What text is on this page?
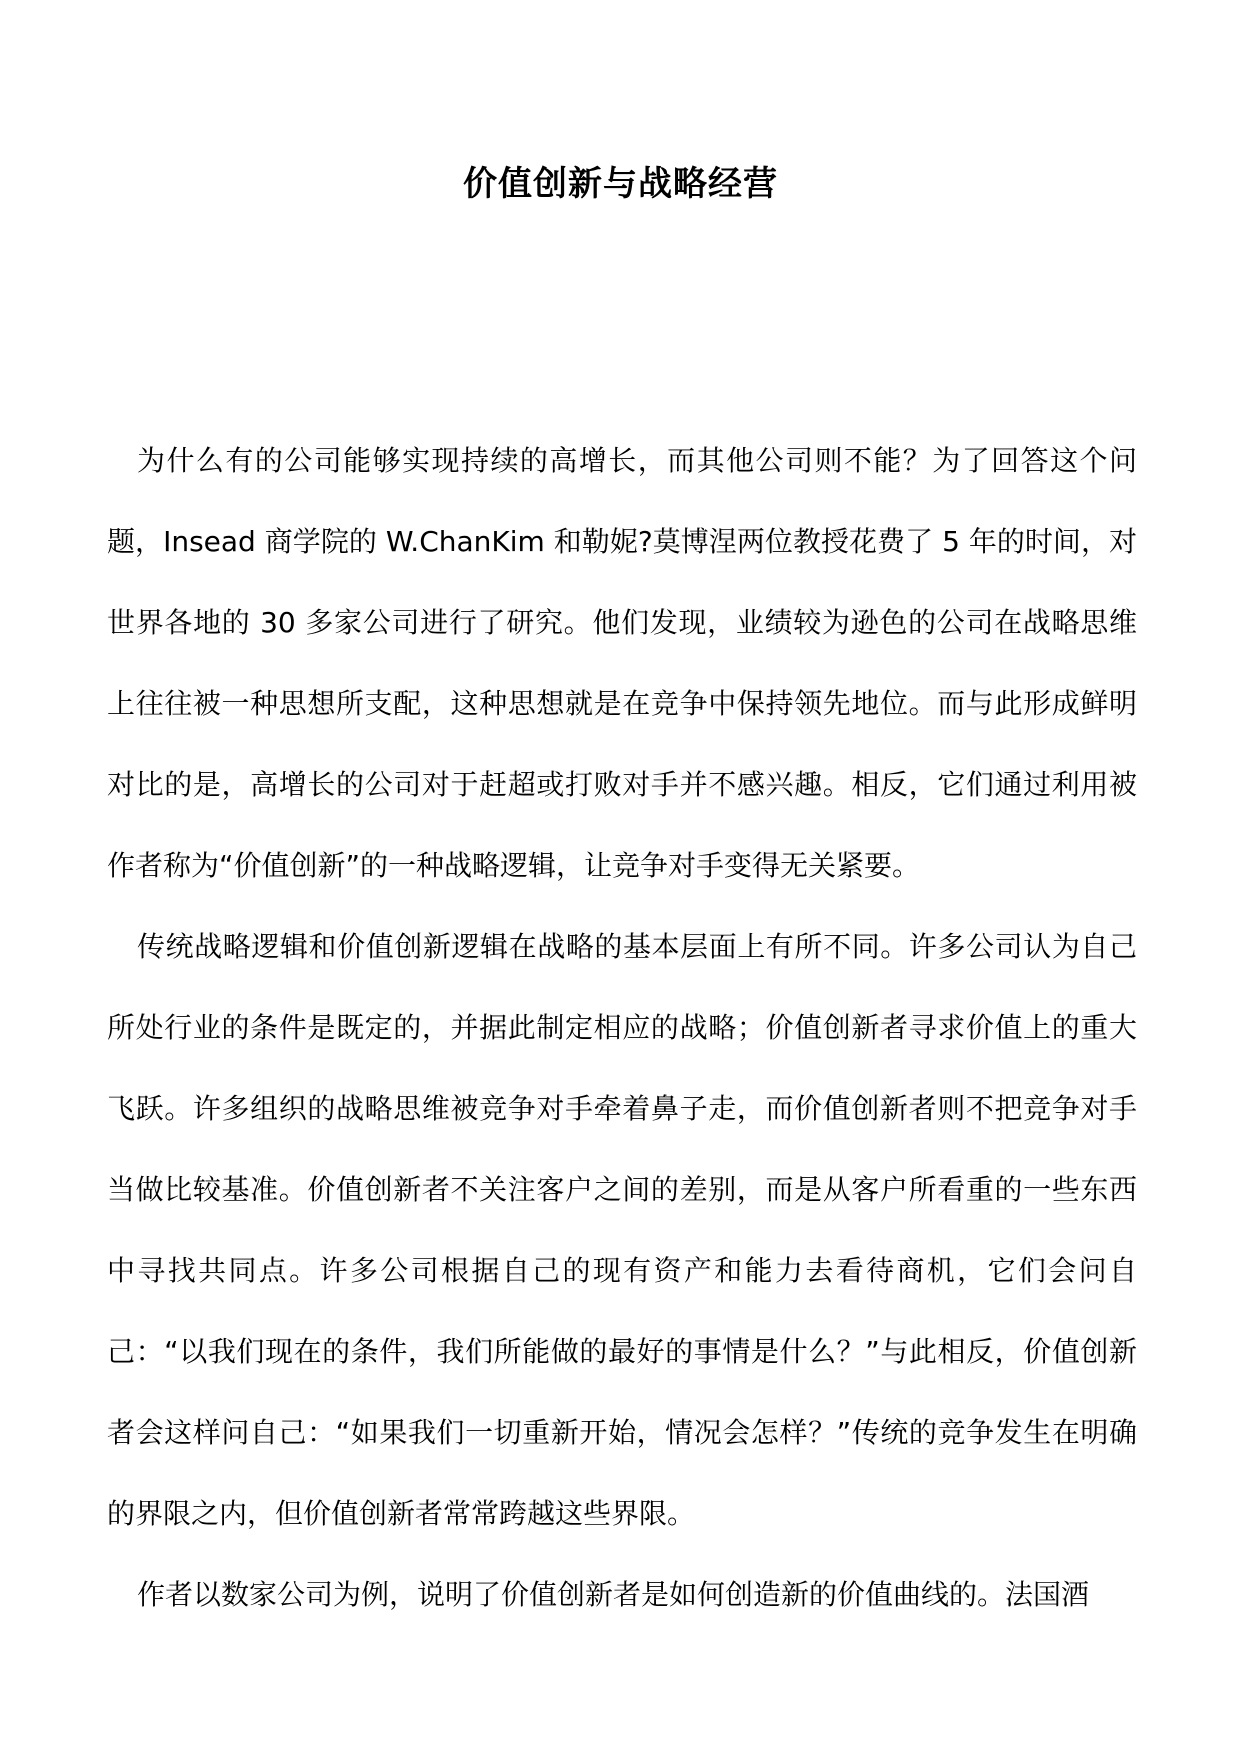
价值创新与战略经营

为什么有的公司能够实现持续的高增长，而其他公司则不能？为了回答这个问题，Insead 商学院的 W.ChanKim 和勒妮?莫博涅两位教授花费了 5 年的时间，对世界各地的 30 多家公司进行了研究。他们发现，业绩较为逊色的公司在战略思维上往往被一种思想所支配，这种思想就是在竞争中保持领先地位。而与此形成鲜明对比的是，高增长的公司对于赶超或打败对手并不感兴趣。相反，它们通过利用被作者称为“价值创新”的一种战略逻辑，让竞争对手变得无关紧要。

传统战略逻辑和价值创新逻辑在战略的基本层面上有所不同。许多公司认为自己所处行业的条件是既定的，并据此制定相应的战略；价值创新者寻求价值上的重大飞跃。许多组织的战略思维被竞争对手牵着鼻子走，而价值创新者则不把竞争对手当做比较基准。价值创新者不关注客户之间的差别，而是从客户所看重的一些东西中寻找共同点。许多公司根据自己的现有资产和能力去看待商机，它们会问自己：“以我们现在的条件，我们所能做的最好的事情是什么？”与此相反，价值创新者会这样问自己：“如果我们一切重新开始，情况会怎样？”传统的竞争发生在明确的界限之内，但价值创新者常常跨越这些界限。

作者以数家公司为例，说明了价值创新者是如何创造新的价值曲线的。法国酒
